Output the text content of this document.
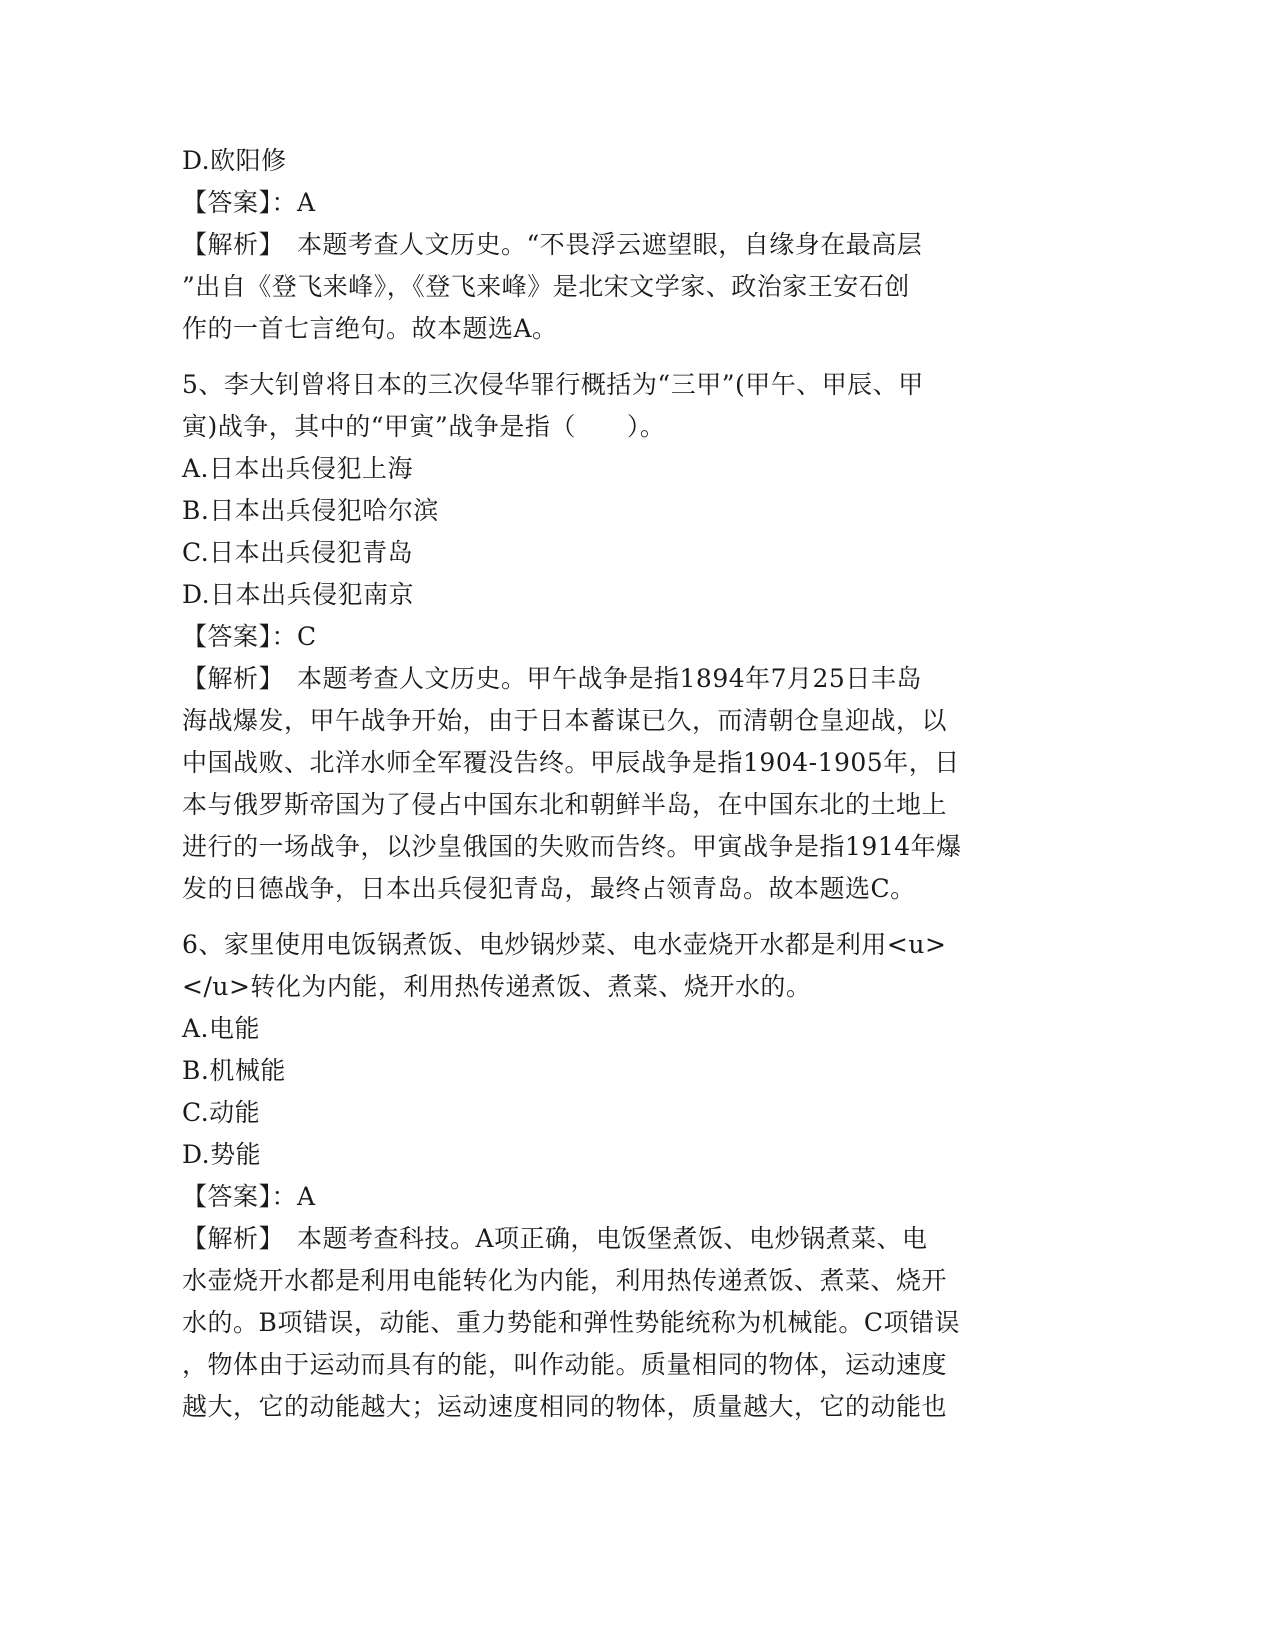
D.欧阳修
【答案】：A
【解析】　本题考查人文历史。“不畏浮云遮望眼，自缘身在最高层
”出自《登飞来峰》，《登飞来峰》是北宋文学家、政治家王安石创
作的一首七言绝句。故本题选A。
5、李大钊曾将日本的三次侵华罪行概括为“三甲”(甲午、甲辰、甲
寅)战争，其中的“甲寅”战争是指（　　）。
A.日本出兵侵犯上海
B.日本出兵侵犯哈尔滨
C.日本出兵侵犯青岛
D.日本出兵侵犯南京
【答案】：C
【解析】　本题考查人文历史。甲午战争是指1894年7月25日丰岛
海战爆发，甲午战争开始，由于日本蓄谋已久，而清朝仓皇迎战，以
中国战败、北洋水师全军覆没告终。甲辰战争是指1904-1905年，日
本与俄罗斯帝国为了侵占中国东北和朝鲜半岛，在中国东北的土地上
进行的一场战争，以沙皇俄国的失败而告终。甲寅战争是指1914年爆
发的日德战争，日本出兵侵犯青岛，最终占领青岛。故本题选C。
6、家里使用电饭锅煮饭、电炒锅炒菜、电水壶烧开水都是利用<u>
</u>转化为内能，利用热传递煮饭、煮菜、烧开水的。
A.电能
B.机械能
C.动能
D.势能
【答案】：A
【解析】　本题考查科技。A项正确，电饭堡煮饭、电炒锅煮菜、电
水壶烧开水都是利用电能转化为内能，利用热传递煮饭、煮菜、烧开
水的。B项错误，动能、重力势能和弹性势能统称为机械能。C项错误
，物体由于运动而具有的能，叫作动能。质量相同的物体，运动速度
越大，它的动能越大；运动速度相同的物体，质量越大，它的动能也
